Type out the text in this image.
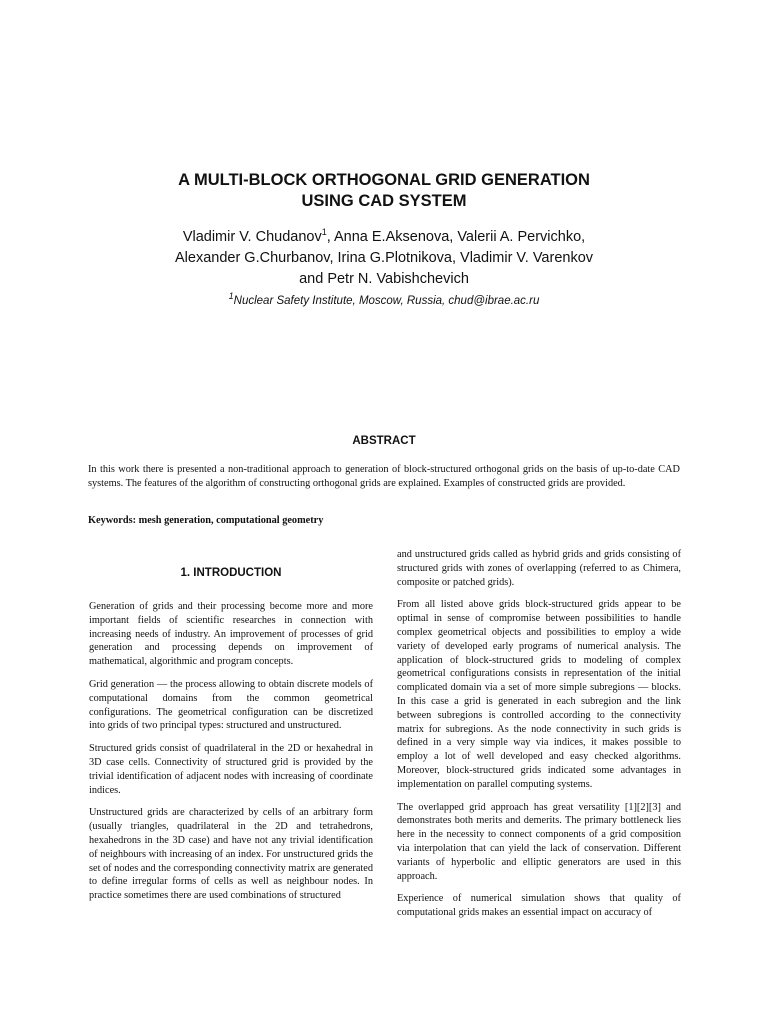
A MULTI-BLOCK ORTHOGONAL GRID GENERATION
USING CAD SYSTEM
Vladimir V. Chudanov$^1$, Anna E.Aksenova, Valerii A. Pervichko,
Alexander G.Churbanov, Irina G.Plotnikova, Vladimir V. Varenkov
and Petr N. Vabishchevich
$^1$Nuclear Safety Institute, Moscow, Russia, chud@ibrae.ac.ru
ABSTRACT

In this work there is presented a non-traditional approach to generation of block-structured orthogonal grids on the basis of up-to-date CAD systems. The features of the algorithm of constructing orthogonal grids are explained. Examples of constructed grids are provided.

Keywords: mesh generation, computational geometry

1. INTRODUCTION

Generation of grids and their processing become more and more important fields of scientific researches in connection with increasing needs of industry. An improvement of processes of grid generation and processing depends on improvement of mathematical, algorithmic and program concepts.

Grid generation — the process allowing to obtain discrete models of computational domains from the common geometrical configurations. The geometrical configuration can be discretized into grids of two principal types: structured and unstructured.

Structured grids consist of quadrilateral in the 2D or hexahedral in 3D case cells. Connectivity of structured grid is provided by the trivial identification of adjacent nodes with increasing of coordinate indices.

Unstructured grids are characterized by cells of an arbitrary form (usually triangles, quadrilateral in the 2D and tetrahedrons, hexahedrons in the 3D case) and have not any trivial identification of neighbours with increasing of an index. For unstructured grids the set of nodes and the corresponding connectivity matrix are generated to define irregular forms of cells as well as neighbour nodes. In practice sometimes there are used combinations of structured

and unstructured grids called as hybrid grids and grids consisting of structured grids with zones of overlapping (referred to as Chimera, composite or patched grids).

From all listed above grids block-structured grids appear to be optimal in sense of compromise between possibilities to handle complex geometrical objects and possibilities to employ a wide variety of developed early programs of numerical analysis. The application of block-structured grids to modeling of complex geometrical configurations consists in representation of the initial complicated domain via a set of more simple subregions — blocks. In this case a grid is generated in each subregion and the link between subregions is controlled according to the connectivity matrix for subregions. As the node connectivity in such grids is defined in a very simple way via indices, it makes possible to employ a lot of well developed and easy checked algorithms. Moreover, block-structured grids indicated some advantages in implementation on parallel computing systems.

The overlapped grid approach has great versatility [1][2][3] and demonstrates both merits and demerits. The primary bottleneck lies here in the necessity to connect components of a grid composition via interpolation that can yield the lack of conservation. Different variants of hyperbolic and elliptic generators are used in this approach.

Experience of numerical simulation shows that quality of computational grids makes an essential impact on accuracy of
